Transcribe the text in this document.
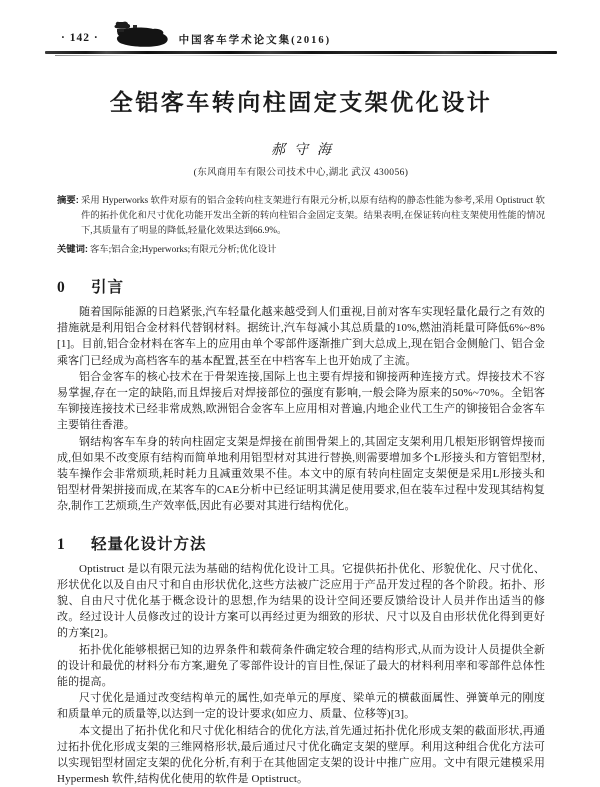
· 142 ·	中国客车学术论文集(2016)
全铝客车转向柱固定支架优化设计
郝守海
(东风商用车有限公司技术中心,湖北 武汉 430056)
摘要: 采用 Hyperworks 软件对原有的铝合金转向柱支架进行有限元分析,以原有结构的静态性能为参考,采用 Optistruct 软件的拓扑优化和尺寸优化功能开发出全新的转向柱铝合金固定支架。结果表明,在保证转向柱支架使用性能的情况下,其质量有了明显的降低,轻量化效果达到66.9%。
关键词: 客车;铝合金;Hyperworks;有限元分析;优化设计
0 引言

随着国际能源的日趋紧张,汽车轻量化越来越受到人们重视,目前对客车实现轻量化最行之有效的措施就是利用铝合金材料代替钢材料。据统计,汽车每减小其总质量的10%,燃油消耗量可降低6%~8%[1]。目前,铝合金材料在客车上的应用由单个零部件逐渐推广到大总成上,现在铝合金侧舱门、铝合金乘客门已经成为高档客车的基本配置,甚至在中档客车上也开始成了主流。

铝合金客车的核心技术在于骨架连接,国际上也主要有焊接和铆接两种连接方式。焊接技术不容易掌握,存在一定的缺陷,而且焊接后对焊接部位的强度有影响,一般会降为原来的50%~70%。全铝客车铆接连接技术已经非常成熟,欧洲铝合金客车上应用相对普遍,内地企业代工生产的铆接铝合金客车主要销往香港。

钢结构客车车身的转向柱固定支架是焊接在前围骨架上的,其固定支架利用几根矩形钢管焊接而成,但如果不改变原有结构而简单地利用铝型材对其进行替换,则需要增加多个L形接头和方管铝型材,装车操作会非常烦琐,耗时耗力且减重效果不佳。本文中的原有转向柱固定支架便是采用L形接头和铝型材骨架拼接而成,在某客车的CAE分析中已经证明其满足使用要求,但在装车过程中发现其结构复杂,制作工艺烦琐,生产效率低,因此有必要对其进行结构优化。

1 轻量化设计方法

Optistruct 是以有限元法为基础的结构优化设计工具。它提供拓扑优化、形貌优化、尺寸优化、形状优化以及自由尺寸和自由形状优化,这些方法被广泛应用于产品开发过程的各个阶段。拓扑、形貌、自由尺寸优化基于概念设计的思想,作为结果的设计空间还要反馈给设计人员并作出适当的修改。经过设计人员修改过的设计方案可以再经过更为细致的形状、尺寸以及自由形状优化得到更好的方案[2]。

拓扑优化能够根据已知的边界条件和载荷条件确定较合理的结构形式,从而为设计人员提供全新的设计和最优的材料分布方案,避免了零部件设计的盲目性,保证了最大的材料利用率和零部件总体性能的提高。

尺寸优化是通过改变结构单元的属性,如壳单元的厚度、梁单元的横截面属性、弹簧单元的刚度和质量单元的质量等,以达到一定的设计要求(如应力、质量、位移等)[3]。

本文提出了拓扑优化和尺寸优化相结合的优化方法,首先通过拓扑优化形成支架的截面形状,再通过拓扑优化形成支架的三维网格形状,最后通过尺寸优化确定支架的壁厚。利用这种组合优化方法可以实现铝型材固定支架的优化分析,有利于在其他固定支架的设计中推广应用。文中有限元建模采用 Hypermesh 软件,结构优化使用的软件是 Optistruct。
